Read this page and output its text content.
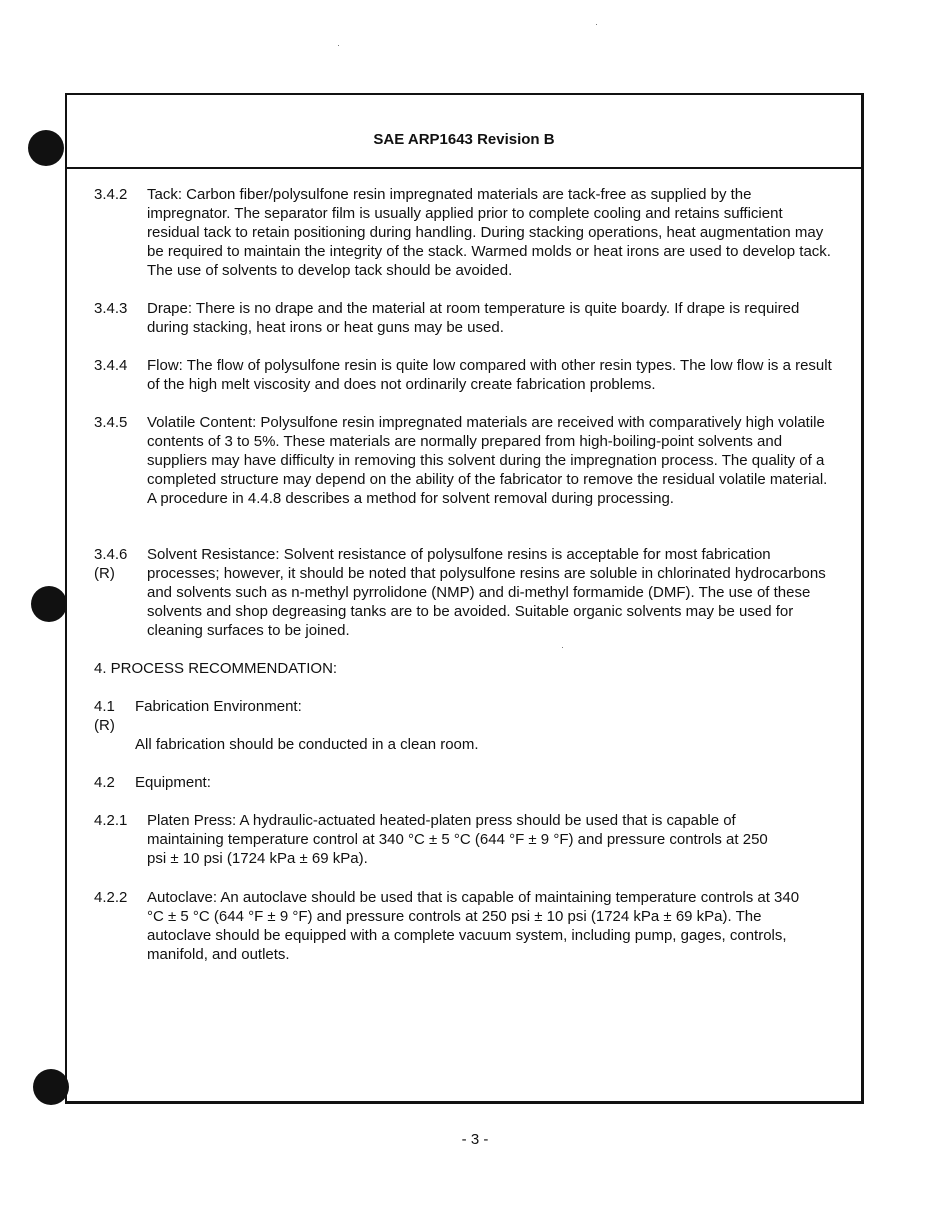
SAE ARP1643 Revision B
3.4.2	Tack: Carbon fiber/polysulfone resin impregnated materials are tack-free as supplied by the impregnator. The separator film is usually applied prior to complete cooling and retains sufficient residual tack to retain positioning during handling. During stacking operations, heat augmentation may be required to maintain the integrity of the stack. Warmed molds or heat irons are used to develop tack. The use of solvents to develop tack should be avoided.
3.4.3	Drape: There is no drape and the material at room temperature is quite boardy. If drape is required during stacking, heat irons or heat guns may be used.
3.4.4	Flow: The flow of polysulfone resin is quite low compared with other resin types. The low flow is a result of the high melt viscosity and does not ordinarily create fabrication problems.
3.4.5	Volatile Content: Polysulfone resin impregnated materials are received with comparatively high volatile contents of 3 to 5%. These materials are normally prepared from high-boiling-point solvents and suppliers may have difficulty in removing this solvent during the impregnation process. The quality of a completed structure may depend on the ability of the fabricator to remove the residual volatile material. A procedure in 4.4.8 describes a method for solvent removal during processing.
3.4.6
(R)
Solvent Resistance: Solvent resistance of polysulfone resins is acceptable for most fabrication processes; however, it should be noted that polysulfone resins are soluble in chlorinated hydrocarbons and solvents such as n-methyl pyrrolidone (NMP) and di-methyl formamide (DMF). The use of these solvents and shop degreasing tanks are to be avoided. Suitable organic solvents may be used for cleaning surfaces to be joined.
4. PROCESS RECOMMENDATION:
4.1	Fabrication Environment:
(R)
All fabrication should be conducted in a clean room.
4.2	Equipment:
4.2.1	Platen Press: A hydraulic-actuated heated-platen press should be used that is capable of maintaining temperature control at 340 °C ± 5 °C (644 °F ± 9 °F) and pressure controls at 250 psi ± 10 psi (1724 kPa ± 69 kPa).
4.2.2	Autoclave: An autoclave should be used that is capable of maintaining temperature controls at 340 °C ± 5 °C (644 °F ± 9 °F) and pressure controls at 250 psi ± 10 psi (1724 kPa ± 69 kPa). The autoclave should be equipped with a complete vacuum system, including pump, gages, controls, manifold, and outlets.
- 3 -
